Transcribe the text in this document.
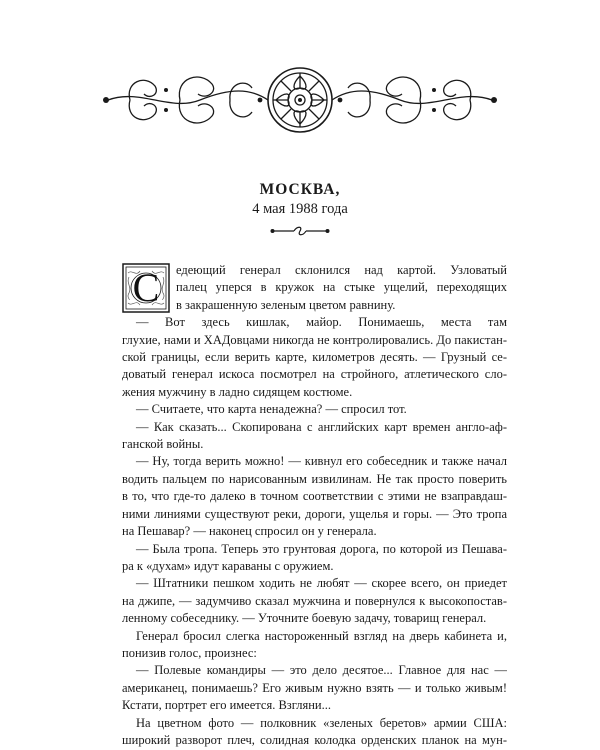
МОСКВА,
4 мая 1988 года
С	едеющий генерал склонился над картой. Узловатый
палец уперся в кружок на стыке ущелий, переходящих
в закрашенную зеленым цветом равнину.
— Вот здесь кишлак, майор. Понимаешь, места там
глухие, нами и ХАДовцами никогда не контролировались. До пакистан-
ской границы, если верить карте, километров десять. — Грузный се-
доватый генерал искоса посмотрел на стройного, атлетического сло-
жения мужчину в ладно сидящем костюме.
— Считаете, что карта ненадежна? — спросил тот.
— Как сказать... Скопирована с английских карт времен англо-аф-
ганской войны.
— Ну, тогда верить можно! — кивнул его собеседник и также начал
водить пальцем по нарисованным извилинам. Не так просто поверить
в то, что где-то далеко в точном соответствии с этими не взаправдаш-
ними линиями существуют реки, дороги, ущелья и горы. — Это тропа
на Пешавар? — наконец спросил он у генерала.
— Была тропа. Теперь это грунтовая дорога, по которой из Пешава-
ра к «духам» идут караваны с оружием.
— Штатники пешком ходить не любят — скорее всего, он приедет
на джипе, — задумчиво сказал мужчина и повернулся к высокопостав-
ленному собеседнику. — Уточните боевую задачу, товарищ генерал.
Генерал бросил слегка настороженный взгляд на дверь кабинета и,
понизив голос, произнес:
— Полевые командиры — это дело десятое... Главное для нас —
американец, понимаешь? Его живым нужно взять — и только живым!
Кстати, портрет его имеется. Взгляни...
На цветном фото — полковник «зеленых беретов» армии США:
широкий разворот плеч, солидная колодка орденских планок на мун-
